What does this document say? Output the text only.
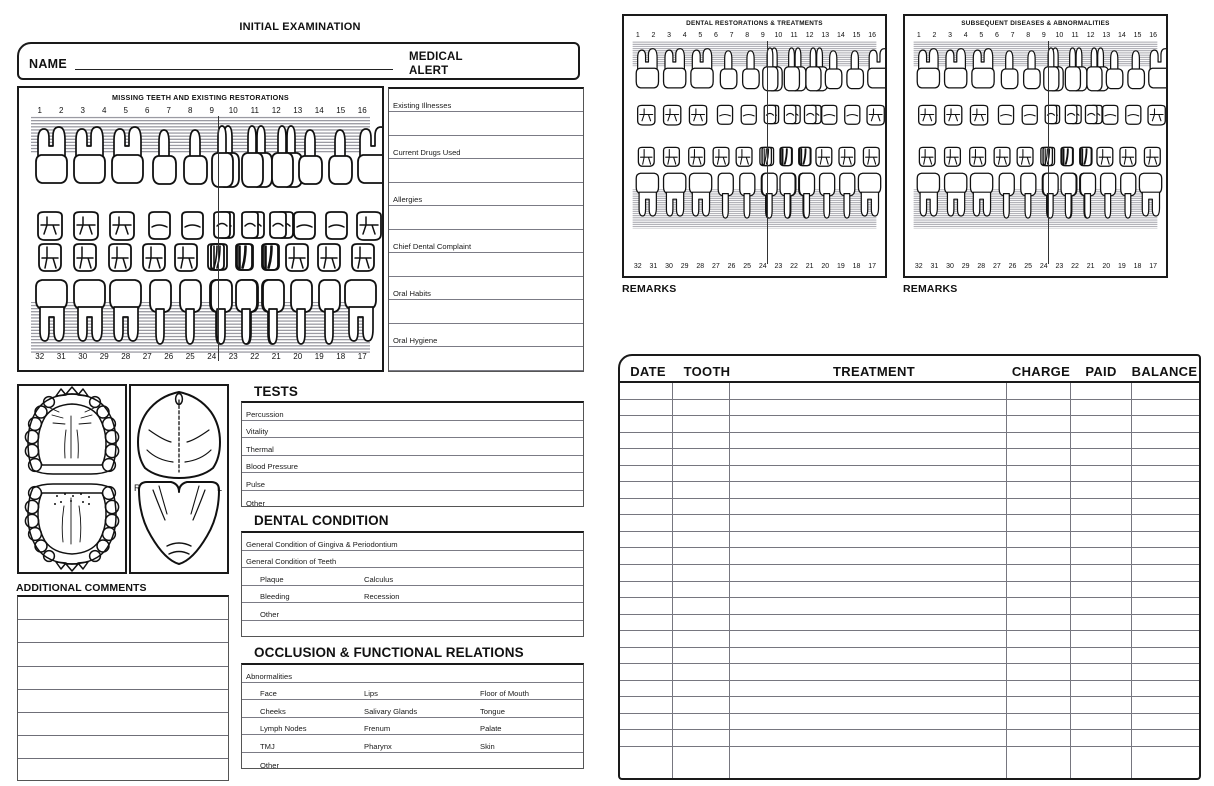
INITIAL EXAMINATION
NAME	MEDICAL
ALERT
MISSING TEETH AND EXISTING RESTORATIONS
1	2	3	4	5	6	7	8	9	10	11	12	13	14	15	16
32	31	30	29	28	27	26	25	24	23	22	21	20	19	18	17
Existing Illnesses
Current Drugs Used
Allergies
Chief Dental Complaint
Oral Habits
Oral Hygiene
R	L
ADDITIONAL COMMENTS
TESTS
Percussion
Vitality
Thermal
Blood Pressure
Pulse
Other
DENTAL CONDITION
General Condition of Gingiva & Periodontium
General Condition of Teeth
Plaque	Calculus
Bleeding	Recession
Other
OCCLUSION & FUNCTIONAL RELATIONS
Abnormalities
Face	Lips	Floor of Mouth
Cheeks	Salivary Glands	Tongue
Lymph Nodes	Frenum	Palate
TMJ	Pharynx	Skin
Other
DENTAL RESTORATIONS & TREATMENTS
1	2	3	4	5	6	7	8	9	10	11	12	13	14	15	16
32	31	30	29	28	27	26	25	24	23	22	21	20	19	18	17
REMARKS
SUBSEQUENT DISEASES & ABNORMALITIES
1	2	3	4	5	6	7	8	9	10	11	12	13	14	15	16
32	31	30	29	28	27	26	25	24	23	22	21	20	19	18	17
REMARKS
DATE	TOOTH	TREATMENT	CHARGE	PAID	BALANCE
